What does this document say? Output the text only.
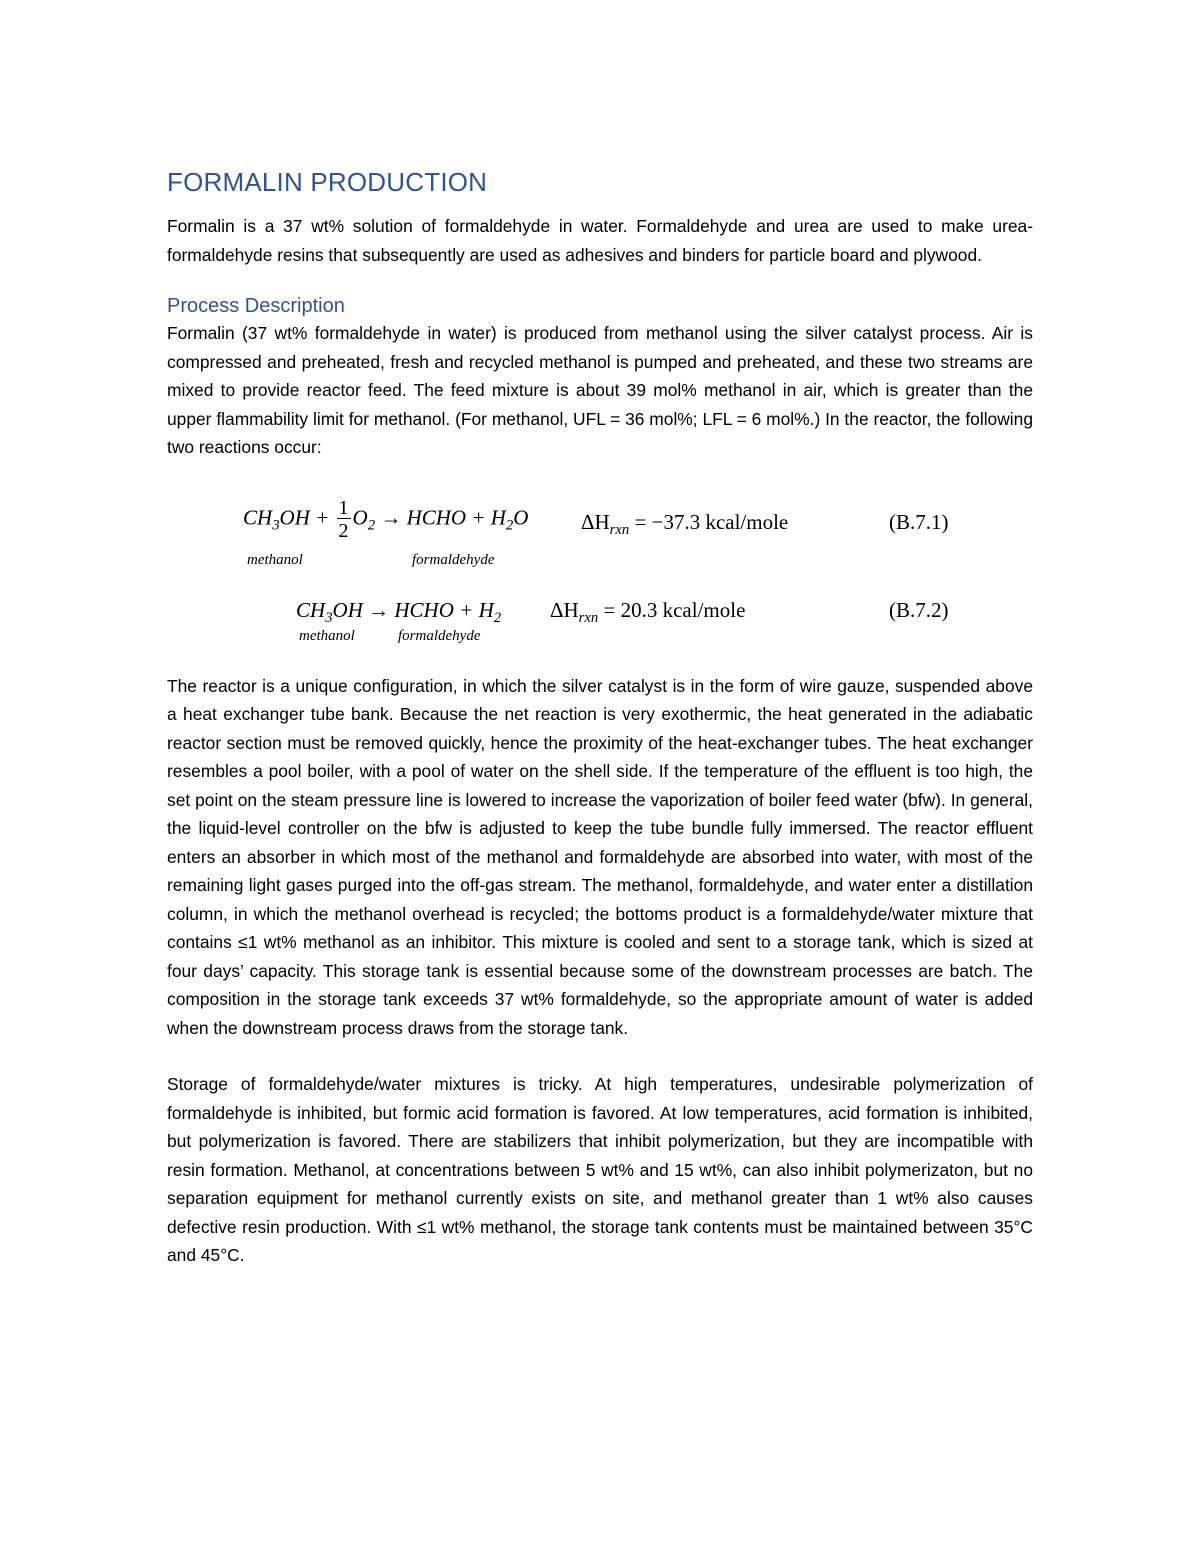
FORMALIN PRODUCTION

Formalin is a 37 wt% solution of formaldehyde in water. Formaldehyde and urea are used to make urea-formaldehyde resins that subsequently are used as adhesives and binders for particle board and plywood.

Process Description

Formalin (37 wt% formaldehyde in water) is produced from methanol using the silver catalyst process. Air is compressed and preheated, fresh and recycled methanol is pumped and preheated, and these two streams are mixed to provide reactor feed. The feed mixture is about 39 mol% methanol in air, which is greater than the upper flammability limit for methanol. (For methanol, UFL = 36 mol%; LFL = 6 mol%.) In the reactor, the following two reactions occur:

$CH_3OH + \frac{1}{2} O_2$ → HCHO + $H_2O$	$\Delta H_{rxn} = -37.3$ kcal/mole	(B.7.1)
methanol	formaldehyde
$CH_3OH$ → HCHO + $H_2$ $\Delta H_{rxn} = 20.3$ kcal/mole	(B.7.2)
methanol	formaldehyde

The reactor is a unique configuration, in which the silver catalyst is in the form of wire gauze, suspended above a heat exchanger tube bank. Because the net reaction is very exothermic, the heat generated in the adiabatic reactor section must be removed quickly, hence the proximity of the heat-exchanger tubes. The heat exchanger resembles a pool boiler, with a pool of water on the shell side. If the temperature of the effluent is too high, the set point on the steam pressure line is lowered to increase the vaporization of boiler feed water (bfw). In general, the liquid-level controller on the bfw is adjusted to keep the tube bundle fully immersed. The reactor effluent enters an absorber in which most of the methanol and formaldehyde are absorbed into water, with most of the remaining light gases purged into the off-gas stream. The methanol, formaldehyde, and water enter a distillation column, in which the methanol overhead is recycled; the bottoms product is a formaldehyde/water mixture that contains ≤1 wt% methanol as an inhibitor. This mixture is cooled and sent to a storage tank, which is sized at four days’ capacity. This storage tank is essential because some of the downstream processes are batch. The composition in the storage tank exceeds 37 wt% formaldehyde, so the appropriate amount of water is added when the downstream process draws from the storage tank.

Storage of formaldehyde/water mixtures is tricky. At high temperatures, undesirable polymerization of formaldehyde is inhibited, but formic acid formation is favored. At low temperatures, acid formation is inhibited, but polymerization is favored. There are stabilizers that inhibit polymerization, but they are incompatible with resin formation. Methanol, at concentrations between 5 wt% and 15 wt%, can also inhibit polymerizaton, but no separation equipment for methanol currently exists on site, and methanol greater than 1 wt% also causes defective resin production. With ≤1 wt% methanol, the storage tank contents must be maintained between 35°C and 45°C.
